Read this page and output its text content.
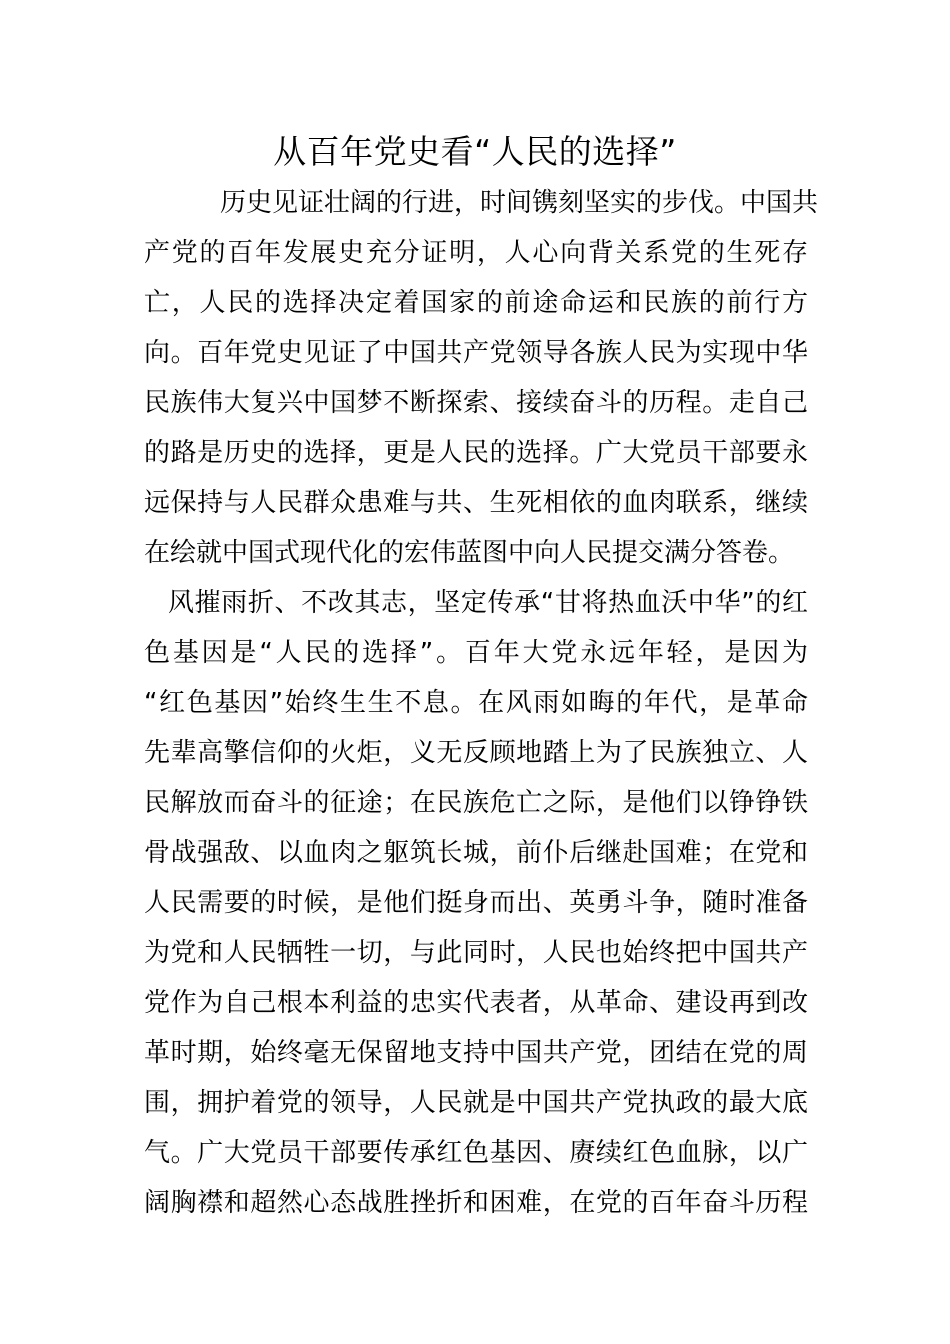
从百年党史看“人民的选择”
历史见证壮阔的行进，时间镌刻坚实的步伐。中国共
产党的百年发展史充分证明，人心向背关系党的生死存
亡，人民的选择决定着国家的前途命运和民族的前行方
向。百年党史见证了中国共产党领导各族人民为实现中华
民族伟大复兴中国梦不断探索、接续奋斗的历程。走自己
的路是历史的选择，更是人民的选择。广大党员干部要永
远保持与人民群众患难与共、生死相依的血肉联系，继续
在绘就中国式现代化的宏伟蓝图中向人民提交满分答卷。
风摧雨折、不改其志，坚定传承“甘将热血沃中华”的红
色基因是“人民的选择”。百年大党永远年轻，是因为
“红色基因”始终生生不息。在风雨如晦的年代，是革命
先辈高擎信仰的火炬，义无反顾地踏上为了民族独立、人
民解放而奋斗的征途；在民族危亡之际，是他们以铮铮铁
骨战强敌、以血肉之躯筑长城，前仆后继赴国难；在党和
人民需要的时候，是他们挺身而出、英勇斗争，随时准备
为党和人民牺牲一切，与此同时，人民也始终把中国共产
党作为自己根本利益的忠实代表者，从革命、建设再到改
革时期，始终毫无保留地支持中国共产党，团结在党的周
围，拥护着党的领导，人民就是中国共产党执政的最大底
气。广大党员干部要传承红色基因、赓续红色血脉，以广
阔胸襟和超然心态战胜挫折和困难，在党的百年奋斗历程
